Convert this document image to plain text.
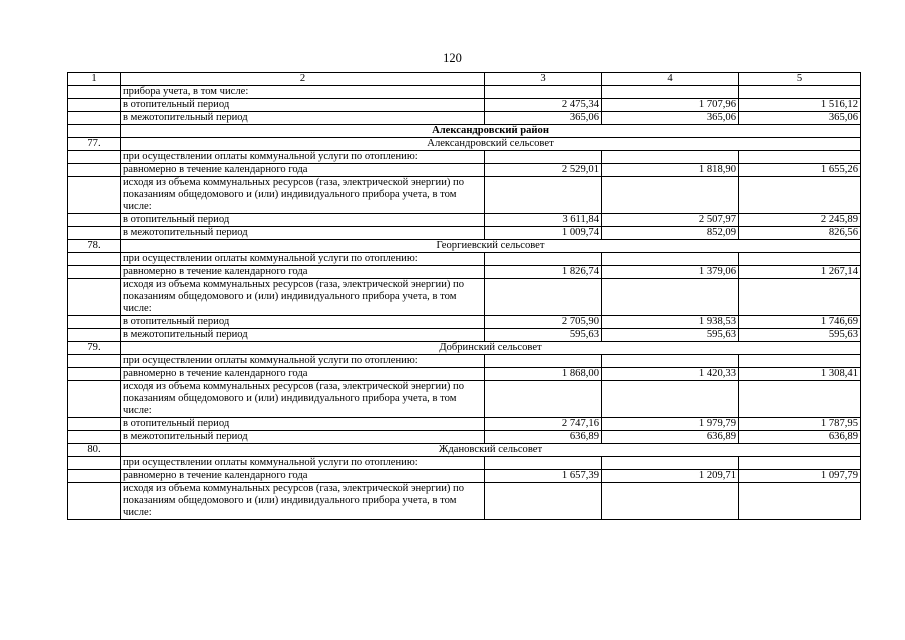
120
1	2	3	4	5
	прибора учета, в том числе:			
	в отопительный период	2 475,34	1 707,96	1 516,12
	в межотопительный период	365,06	365,06	365,06
	Александровский район			
77.	Александровский сельсовет			
	при осуществлении оплаты коммунальной услуги по отоплению:			
	равномерно в течение календарного года	2 529,01	1 818,90	1 655,26
	исходя из объема коммунальных ресурсов (газа, электрической энергии) по показаниям общедомового и (или) индивидуального прибора учета, в том числе:			
	в отопительный период	3 611,84	2 507,97	2 245,89
	в межотопительный период	1 009,74	852,09	826,56
78.	Георгиевский сельсовет			
	при осуществлении оплаты коммунальной услуги по отоплению:			
	равномерно в течение календарного года	1 826,74	1 379,06	1 267,14
	исходя из объема коммунальных ресурсов (газа, электрической энергии) по показаниям общедомового и (или) индивидуального прибора учета, в том числе:			
	в отопительный период	2 705,90	1 938,53	1 746,69
	в межотопительный период	595,63	595,63	595,63
79.	Добринский сельсовет			
	при осуществлении оплаты коммунальной услуги по отоплению:			
	равномерно в течение календарного года	1 868,00	1 420,33	1 308,41
	исходя из объема коммунальных ресурсов (газа, электрической энергии) по показаниям общедомового и (или) индивидуального прибора учета, в том числе:			
	в отопительный период	2 747,16	1 979,79	1 787,95
	в межотопительный период	636,89	636,89	636,89
80.	Ждановский сельсовет			
	при осуществлении оплаты коммунальной услуги по отоплению:			
	равномерно в течение календарного года	1 657,39	1 209,71	1 097,79
	исходя из объема коммунальных ресурсов (газа, электрической энергии) по показаниям общедомового и (или) индивидуального прибора учета, в том числе:			
